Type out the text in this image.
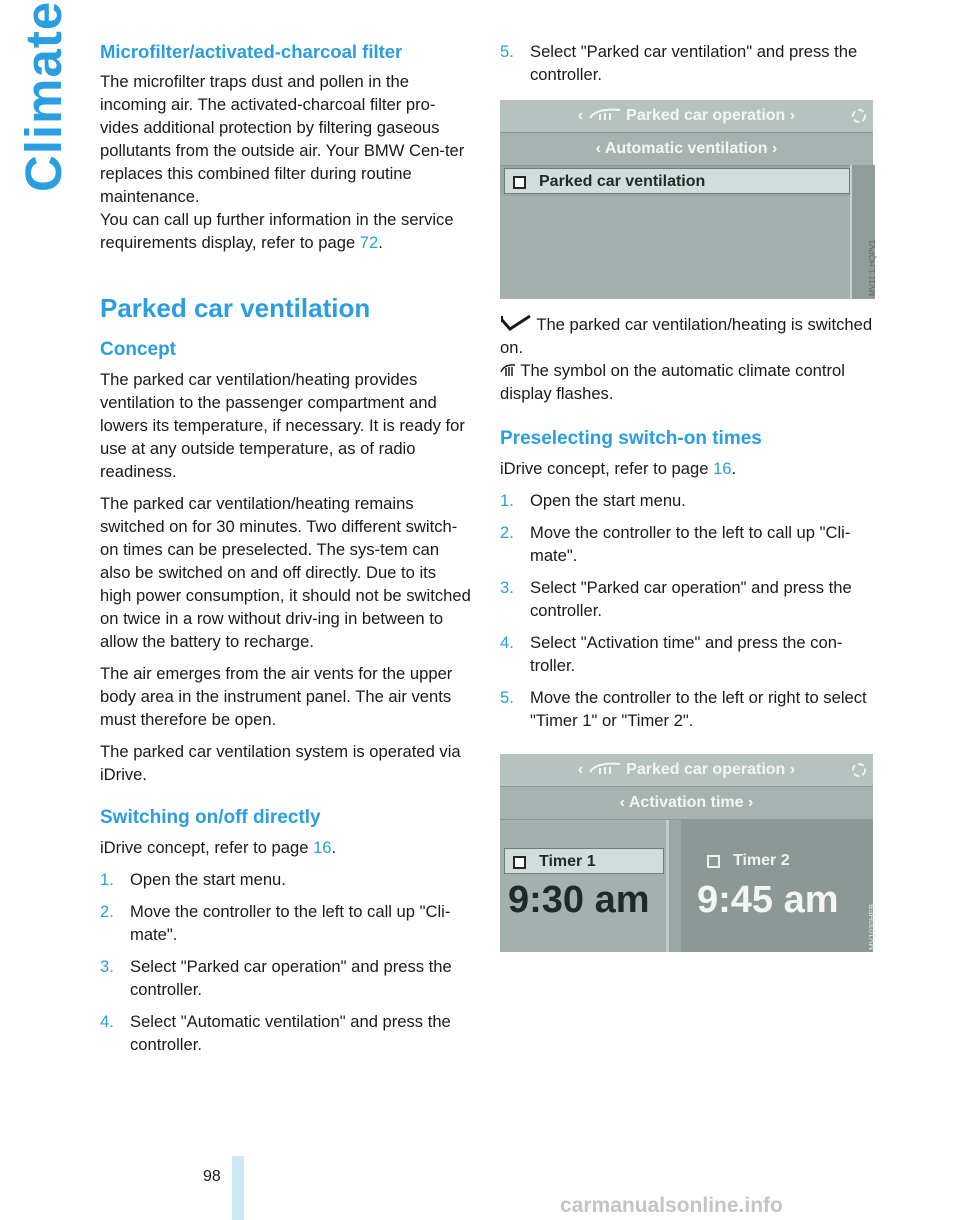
Climate Microfilter/activated-charcoal filter

The microfilter traps dust and pollen in the incoming air. The activated-charcoal filter pro-vides additional protection by filtering gaseous pollutants from the outside air. Your BMW Cen-ter replaces this combined filter during routine maintenance.

You can call up further information in the service requirements display, refer to page 72.

Parked car ventilation
Concept

The parked car ventilation/heating provides ventilation to the passenger compartment and lowers its temperature, if necessary. It is ready for use at any outside temperature, as of radio readiness.

The parked car ventilation/heating remains switched on for 30 minutes. Two different switch-on times can be preselected. The sys-tem can also be switched on and off directly. Due to its high power consumption, it should not be switched on twice in a row without driv-ing in between to allow the battery to recharge.

The air emerges from the air vents for the upper body area in the instrument panel. The air vents must therefore be open.

The parked car ventilation system is operated via iDrive.

Switching on/off directly

iDrive concept, refer to page 16.

1. Open the start menu.
2. Move the controller to the left to call up "Cli-mate".
3. Select "Parked car operation" and press the controller.
4. Select "Automatic ventilation" and press the controller.
5. Select "Parked car ventilation" and press the controller.
‹  Parked car operation ›
‹ Automatic ventilation ›
Parked car ventilation
MV11 1.HQPV1

The parked car ventilation/heating is switched on.

The symbol on the automatic climate control display flashes.

Preselecting switch-on times

iDrive concept, refer to page 16.

1. Open the start menu.
2. Move the controller to the left to call up "Cli-mate".
3. Select "Parked car operation" and press the controller.
4. Select "Activation time" and press the con-troller.
5. Move the controller to the left or right to select "Timer 1" or "Timer 2".
‹  Parked car operation ›
‹ Activation time ›
Timer 1
9:30 am
Timer 2
9:45 am
MV1030HEB
98
carmanualsonline.info
